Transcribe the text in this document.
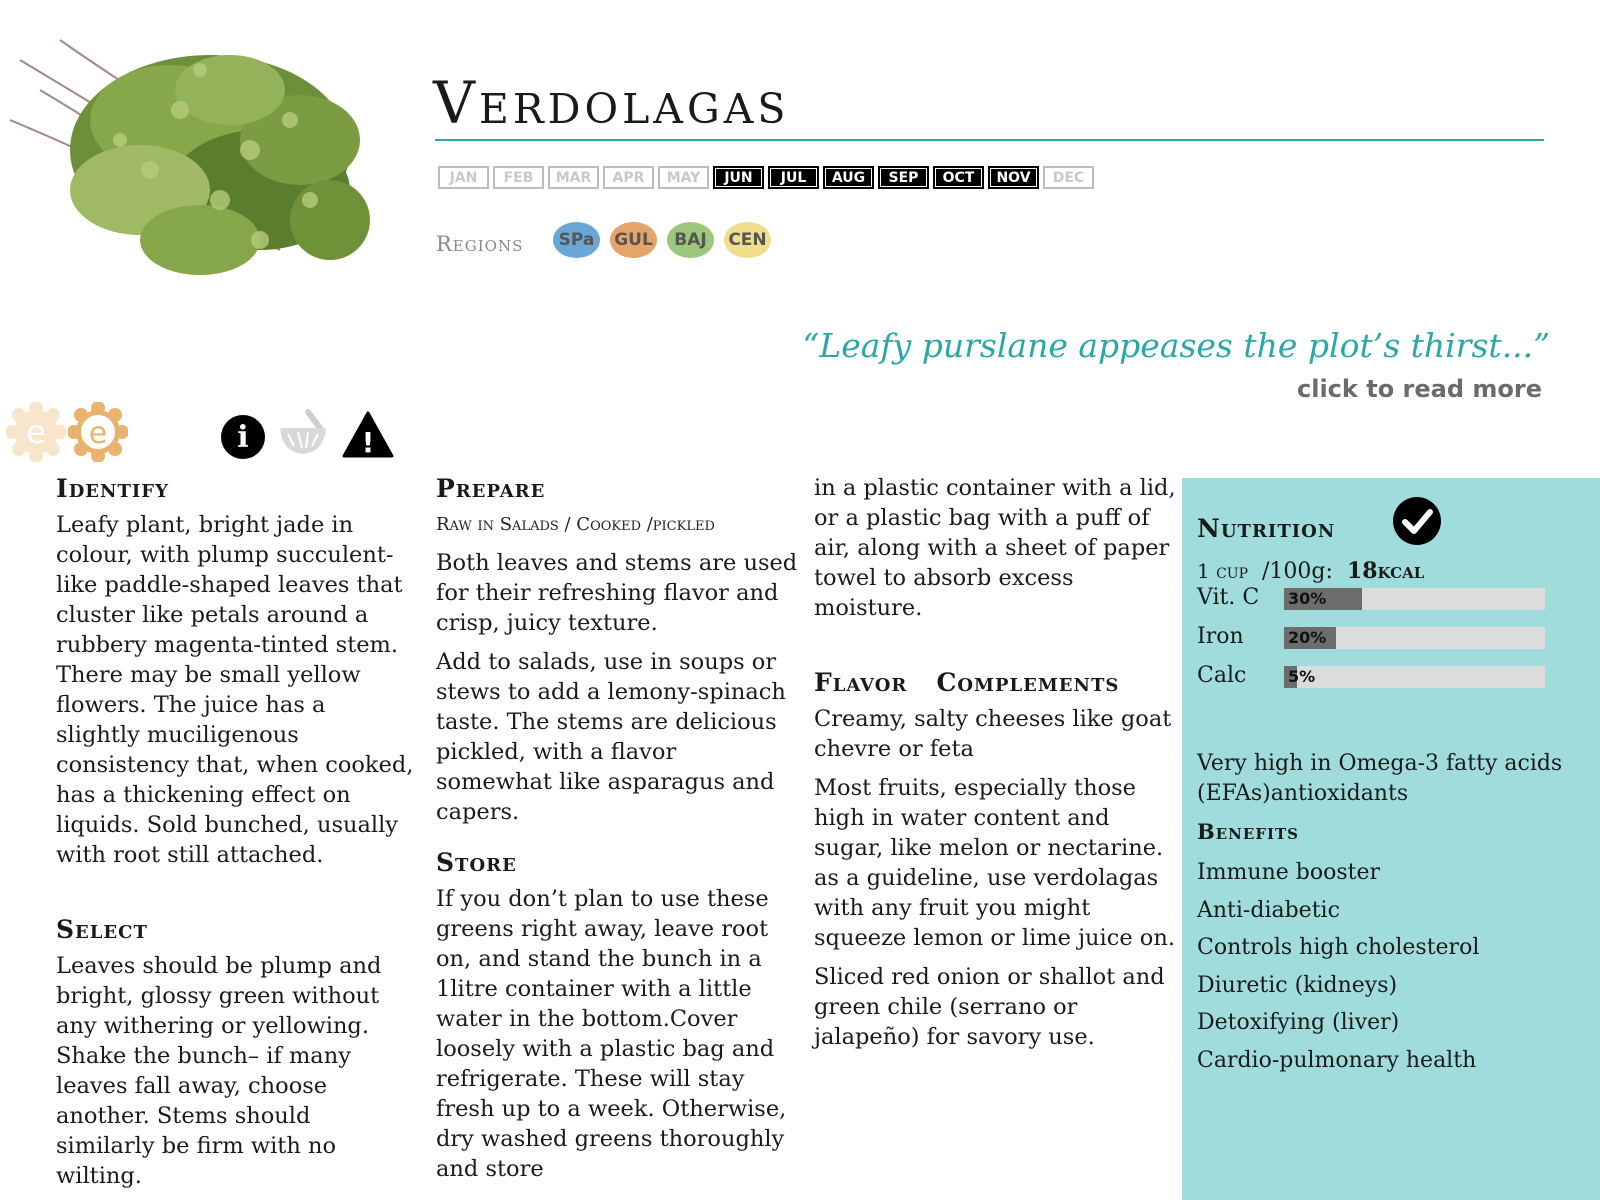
Verdolagas
JAN	FEB	MAR	APR	MAY	JUN	JUL	AUG	SEP	OCT	NOV	DEC
Regions	SPa	GUL	BAJ	CEN
“Leafy purslane appeases the plot’s thirst...”
click to read more
e e	i	!
Identify

Leafy plant, bright jade in colour, with plump succulent-like paddle-shaped leaves that cluster like petals around a rubbery magenta-tinted stem. There may be small yellow flowers. The juice has a slightly muciligenous consistency that, when cooked, has a thickening effect on liquids. Sold bunched, usually with root still attached.

Select

Leaves should be plump and bright, glossy green without any withering or yellowing. Shake the bunch– if many leaves fall away, choose another. Stems should similarly be firm with no wilting.

Prepare
Raw in Salads / Cooked /pickled

Both leaves and stems are used for their refreshing flavor and crisp, juicy texture.

Add to salads, use in soups or stews to add a lemony-spinach taste. The stems are delicious pickled, with a flavor somewhat like asparagus and capers.

Store

If you don’t plan to use these greens right away, leave root on, and stand the bunch in a 1litre container with a little water in the bottom.Cover loosely with a plastic bag and refrigerate. These will stay fresh up to a week. Otherwise, dry washed greens thoroughly and store

in a plastic container with a lid, or a plastic bag with a puff of air, along with a sheet of paper towel to absorb excess moisture.

Flavor   Complements

Creamy, salty cheeses like goat chevre or feta

Most fruits, especially those high in water content and sugar, like melon or nectarine. as a guideline, use verdolagas with any fruit you might squeeze lemon or lime juice on.

Sliced red onion or shallot and green chile (serrano or jalapeño) for savory use.

Nutrition
1 cup /100g: 18kcal
Vit. C 30%
Iron	20%
Calc	5%
Very high in Omega-3 fatty acids (EFAs)antioxidants
Benefits
Immune booster
Anti-diabetic
Controls high cholesterol
Diuretic (kidneys)
Detoxifying (liver)
Cardio-pulmonary health
